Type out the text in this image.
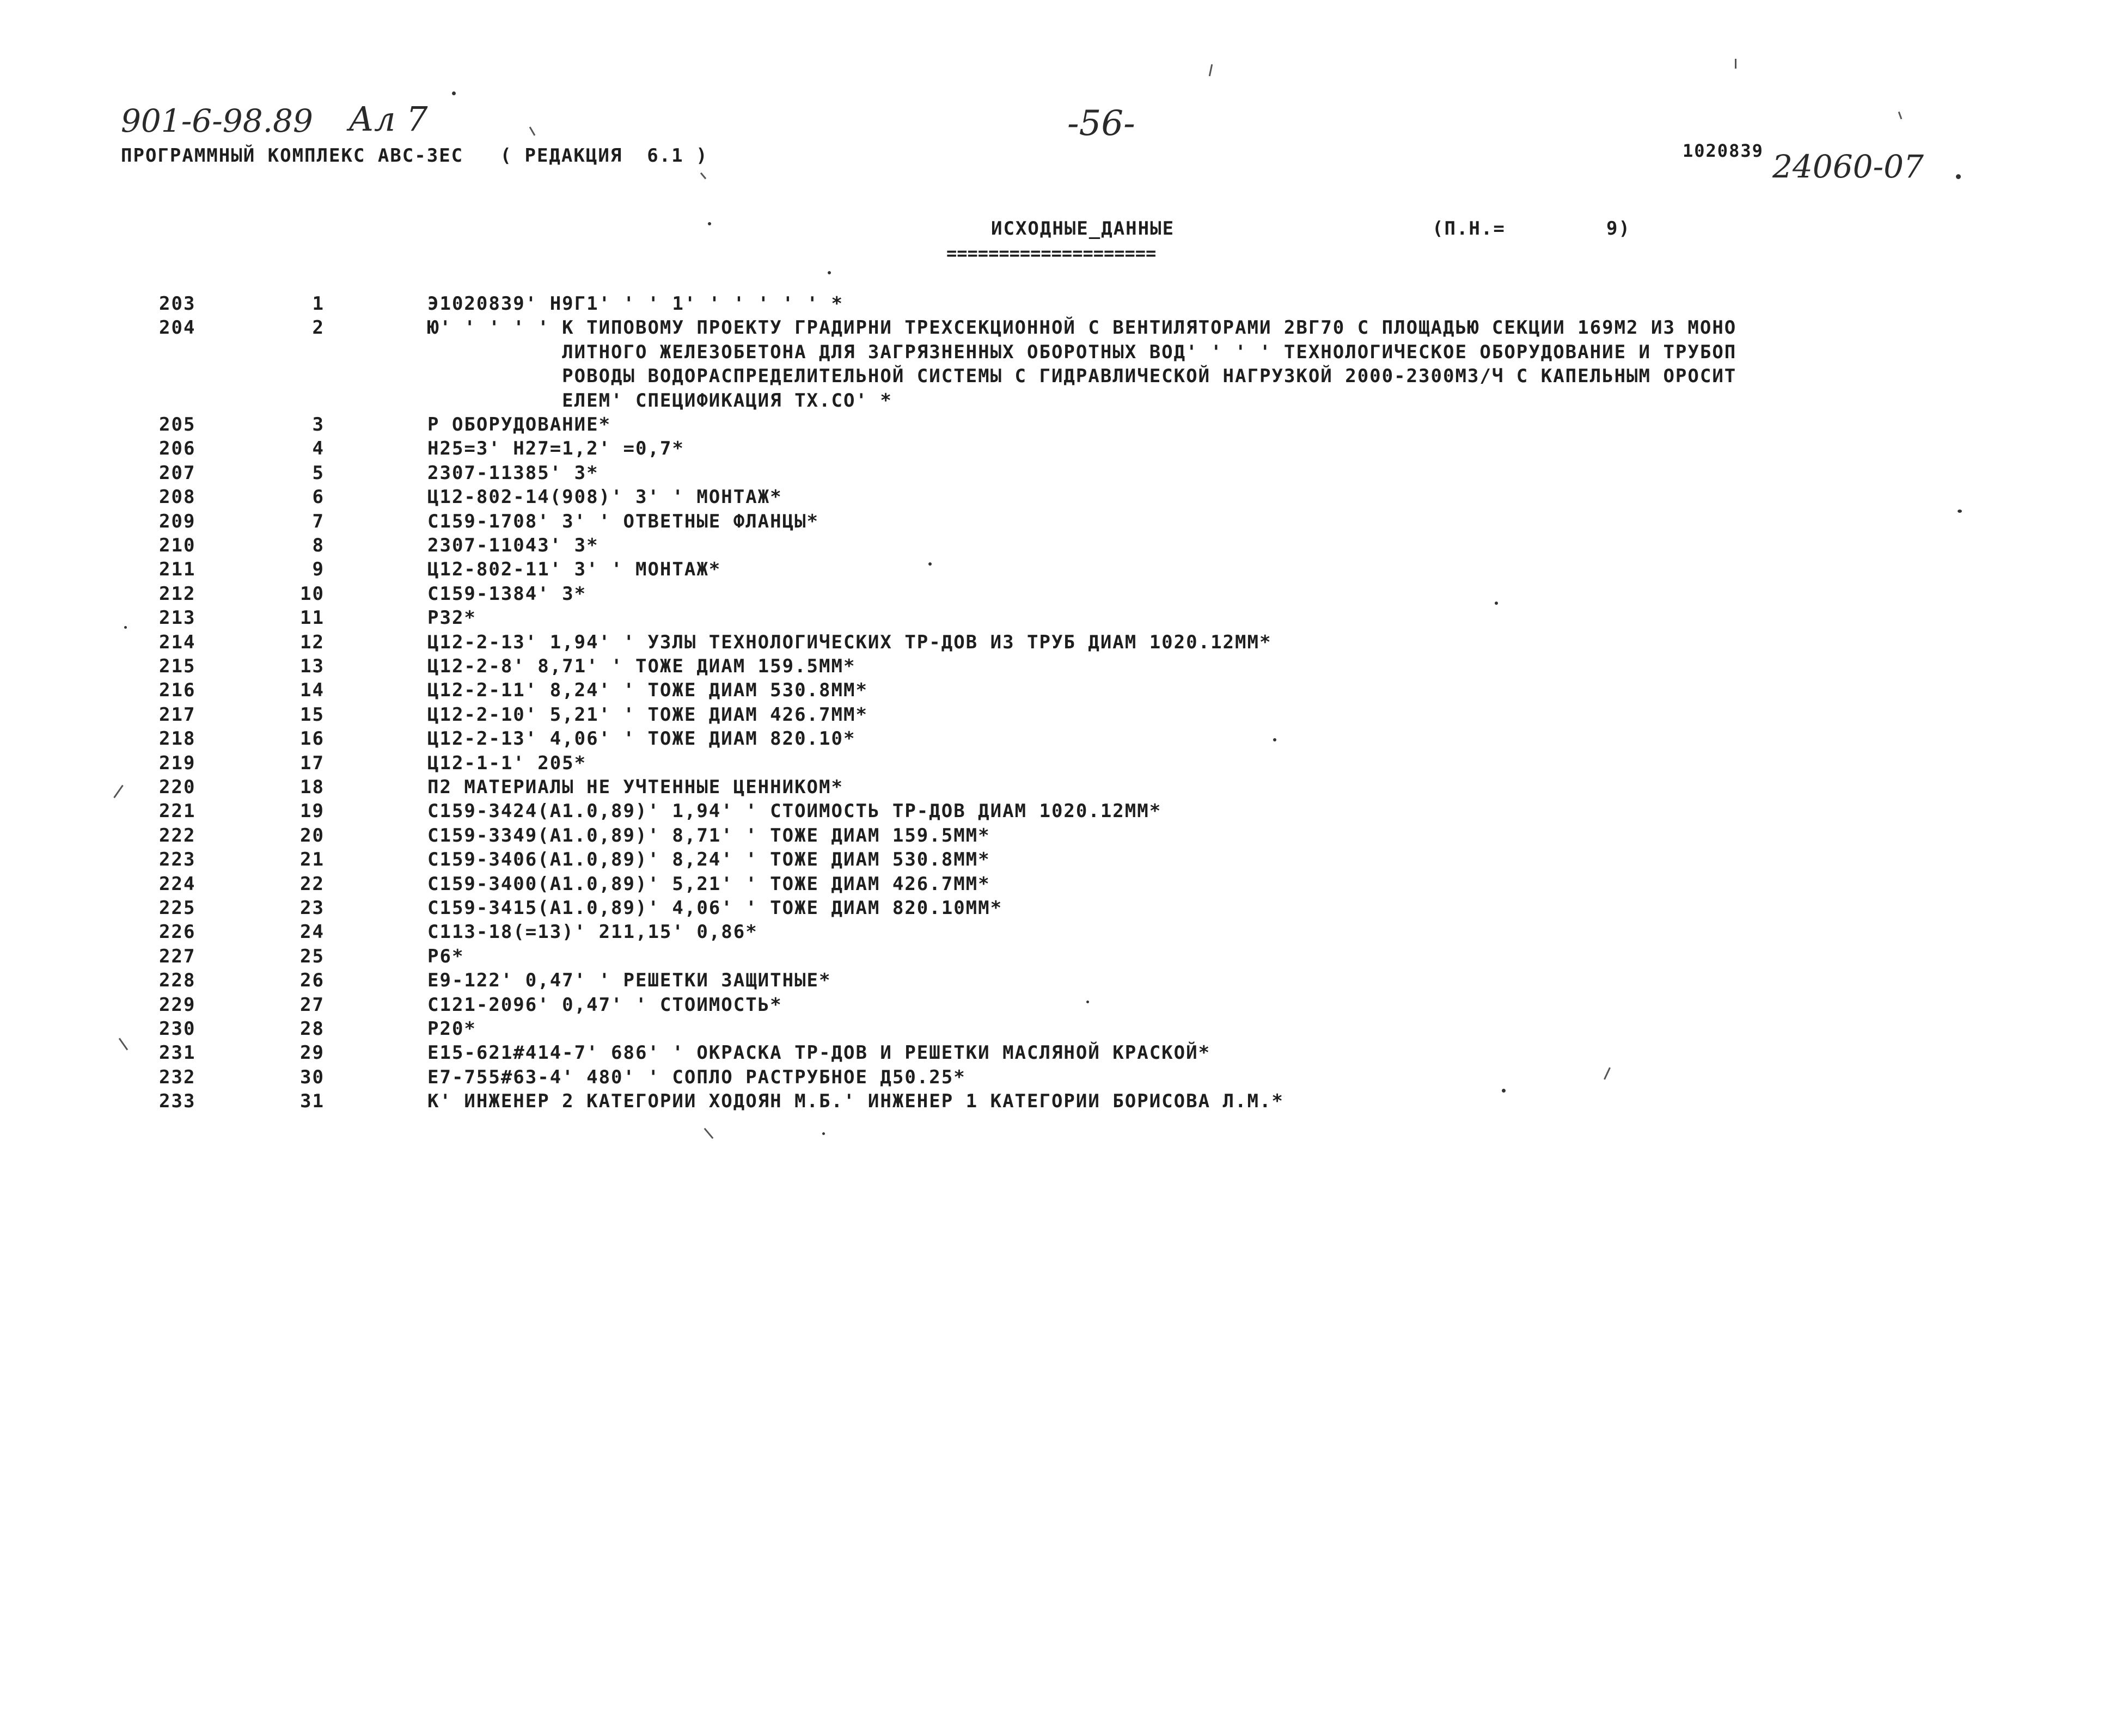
901-6-98.89 Ал 7	-56-
24060-07
ПРОГРАММНЫЙ КОМПЛЕКС АВС-3ЕС   ( РЕДАКЦИЯ  6.1 )	1020839
ИСХОДНЫЕ_ДАННЫЕ
====================
(П.Н.=	9)
203	1	Э1020839' Н9Г1' ' ' 1' ' ' ' ' ' *
204	2	Ю' ' ' ' ' К ТИПОВОМУ ПРОЕКТУ ГРАДИРНИ ТРЕХСЕКЦИОННОЙ С ВЕНТИЛЯТОРАМИ 2ВГ70 С ПЛОЩАДЬЮ СЕКЦИИ 169М2 ИЗ МОНО
ЛИТНОГО ЖЕЛЕЗОБЕТОНА ДЛЯ ЗАГРЯЗНЕННЫХ ОБОРОТНЫХ ВОД' ' ' ' ТЕХНОЛОГИЧЕСКОЕ ОБОРУДОВАНИЕ И ТРУБОП
РОВОДЫ ВОДОРАСПРЕДЕЛИТЕЛЬНОЙ СИСТЕМЫ С ГИДРАВЛИЧЕСКОЙ НАГРУЗКОЙ 2000-2300М3/Ч С КАПЕЛЬНЫМ ОРОСИТ
ЕЛЕМ' СПЕЦИФИКАЦИЯ ТХ.СО' *
205	3	Р ОБОРУДОВАНИЕ*
206	4	Н25=3' Н27=1,2' =0,7*
207	5	2307-11385' 3*
208	6	Ц12-802-14(908)' 3' ' МОНТАЖ*
209	7	С159-1708' 3' ' ОТВЕТНЫЕ ФЛАНЦЫ*
210	8	2307-11043' 3*
211	9	Ц12-802-11' 3' ' МОНТАЖ*
212	10	С159-1384' 3*
213	11	Р32*
214	12	Ц12-2-13' 1,94' ' УЗЛЫ ТЕХНОЛОГИЧЕСКИХ ТР-ДОВ ИЗ ТРУБ ДИАМ 1020.12ММ*
215	13	Ц12-2-8' 8,71' ' ТОЖЕ ДИАМ 159.5ММ*
216	14	Ц12-2-11' 8,24' ' ТОЖЕ ДИАМ 530.8ММ*
217	15	Ц12-2-10' 5,21' ' ТОЖЕ ДИАМ 426.7ММ*
218	16	Ц12-2-13' 4,06' ' ТОЖЕ ДИАМ 820.10*
219	17	Ц12-1-1' 205*
220	18	П2 МАТЕРИАЛЫ НЕ УЧТЕННЫЕ ЦЕННИКОМ*
221	19	С159-3424(А1.0,89)' 1,94' ' СТОИМОСТЬ ТР-ДОВ ДИАМ 1020.12ММ*
222	20	С159-3349(А1.0,89)' 8,71' ' ТОЖЕ ДИАМ 159.5ММ*
223	21	С159-3406(А1.0,89)' 8,24' ' ТОЖЕ ДИАМ 530.8ММ*
224	22	С159-3400(А1.0,89)' 5,21' ' ТОЖЕ ДИАМ 426.7ММ*
225	23	С159-3415(А1.0,89)' 4,06' ' ТОЖЕ ДИАМ 820.10ММ*
226	24	С113-18(=13)' 211,15' 0,86*
227	25	Р6*
228	26	Е9-122' 0,47' ' РЕШЕТКИ ЗАЩИТНЫЕ*
229	27	С121-2096' 0,47' ' СТОИМОСТЬ*
230	28	Р20*
231	29	Е15-621#414-7' 686' ' ОКРАСКА ТР-ДОВ И РЕШЕТКИ МАСЛЯНОЙ КРАСКОЙ*
232	30	Е7-755#63-4' 480' ' СОПЛО РАСТРУБНОЕ Д50.25*
233	31	К' ИНЖЕНЕР 2 КАТЕГОРИИ ХОДОЯН М.Б.' ИНЖЕНЕР 1 КАТЕГОРИИ БОРИСОВА Л.М.*
